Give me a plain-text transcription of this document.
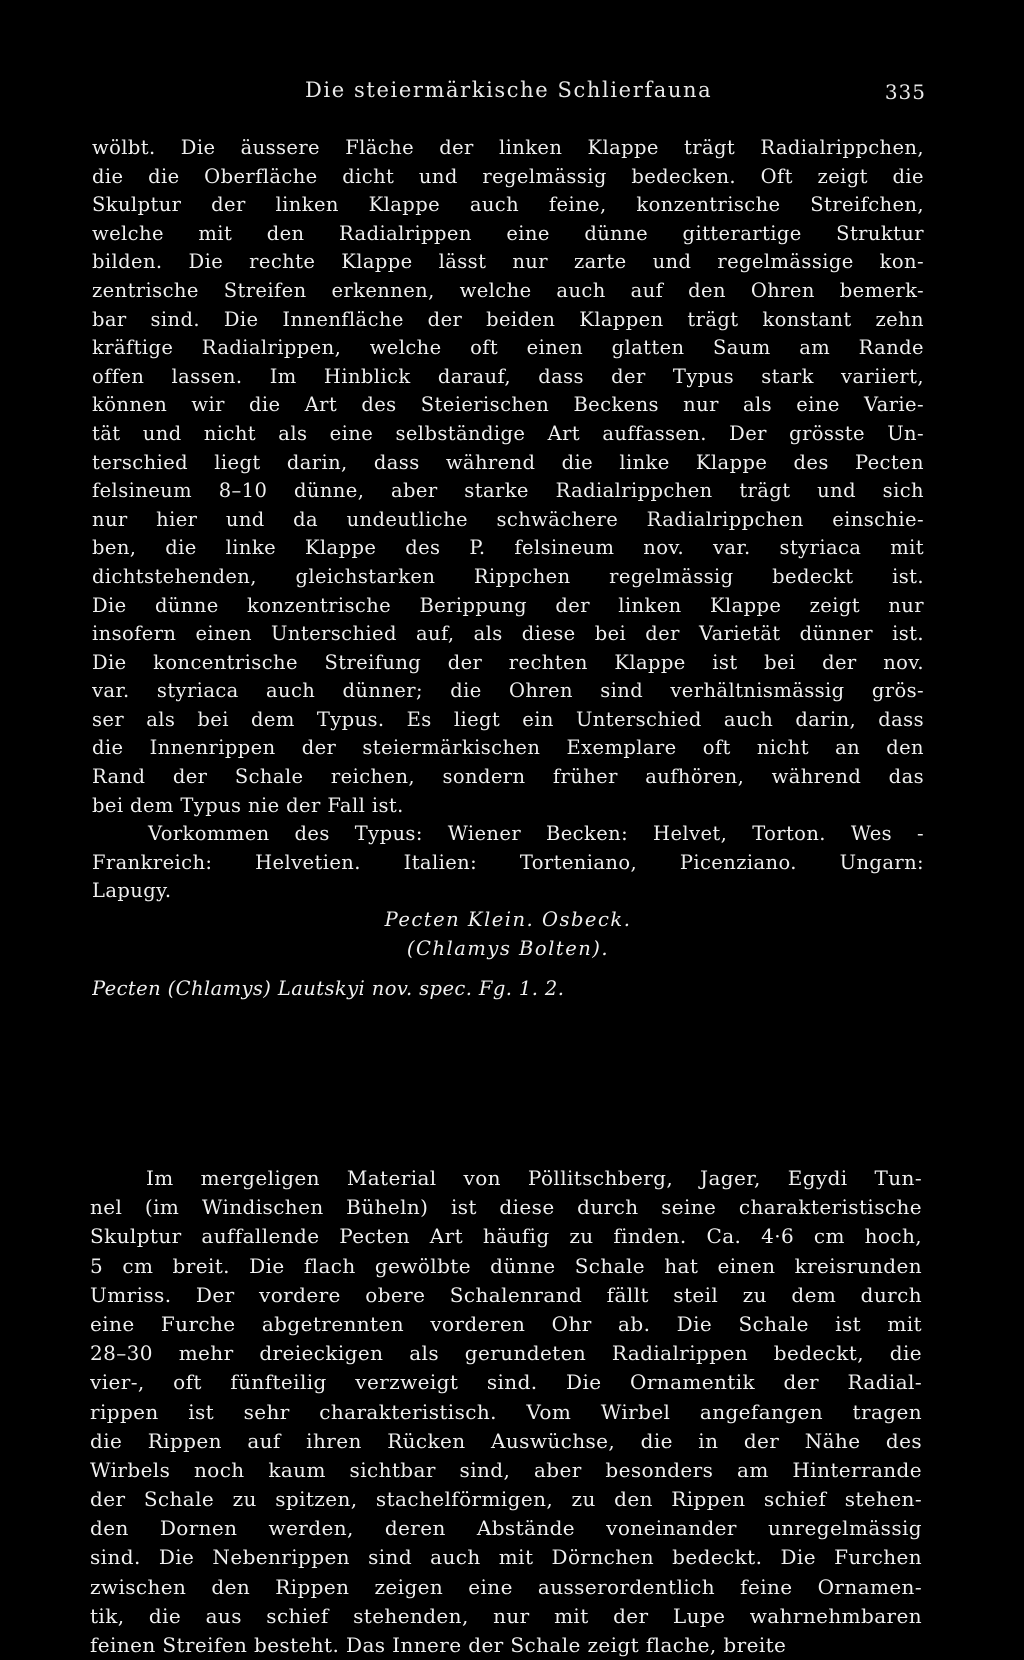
Die steiermärkische Schlierfauna	335
wölbt. Die äussere Fläche der linken Klappe trägt Radialrippchen,
die die Oberfläche dicht und regelmässig bedecken. Oft zeigt die
Skulptur der linken Klappe auch feine, konzentrische Streifchen,
welche mit den Radialrippen eine dünne gitterartige Struktur
bilden. Die rechte Klappe lässt nur zarte und regelmässige kon-
zentrische Streifen erkennen, welche auch auf den Ohren bemerk-
bar sind. Die Innenfläche der beiden Klappen trägt konstant zehn
kräftige Radialrippen, welche oft einen glatten Saum am Rande
offen lassen. Im Hinblick darauf, dass der Typus stark variiert,
können wir die Art des Steierischen Beckens nur als eine Varie-
tät und nicht als eine selbständige Art auffassen. Der grösste Un-
terschied liegt darin, dass während die linke Klappe des Pecten
felsineum 8–10 dünne, aber starke Radialrippchen trägt und sich
nur hier und da undeutliche schwächere Radialrippchen einschie-
ben, die linke Klappe des P. felsineum nov. var. styriaca mit
dichtstehenden, gleichstarken Rippchen regelmässig bedeckt ist.
Die dünne konzentrische Berippung der linken Klappe zeigt nur
insofern einen Unterschied auf, als diese bei der Varietät dünner ist.
Die koncentrische Streifung der rechten Klappe ist bei der nov.
var. styriaca auch dünner; die Ohren sind verhältnismässig grös-
ser als bei dem Typus. Es liegt ein Unterschied auch darin, dass
die Innenrippen der steiermärkischen Exemplare oft nicht an den
Rand der Schale reichen, sondern früher aufhören, während das
bei dem Typus nie der Fall ist.
Vorkommen des Typus: Wiener Becken: Helvet, Torton. Wes -
Frankreich: Helvetien. Italien: Torteniano, Picenziano. Ungarn:
Lapugy.
Pecten Klein. Osbeck.
(Chlamys Bolten).
Pecten (Chlamys) Lautskyi nov. spec. Fg. 1. 2.
Im mergeligen Material von Pöllitschberg, Jager, Egydi Tun-
nel (im Windischen Büheln) ist diese durch seine charakteristische
Skulptur auffallende Pecten Art häufig zu finden. Ca. 4·6 cm hoch,
5 cm breit. Die flach gewölbte dünne Schale hat einen kreisrunden
Umriss. Der vordere obere Schalenrand fällt steil zu dem durch
eine Furche abgetrennten vorderen Ohr ab. Die Schale ist mit
28–30 mehr dreieckigen als gerundeten Radialrippen bedeckt, die
vier-, oft fünfteilig verzweigt sind. Die Ornamentik der Radial-
rippen ist sehr charakteristisch. Vom Wirbel angefangen tragen
die Rippen auf ihren Rücken Auswüchse, die in der Nähe des
Wirbels noch kaum sichtbar sind, aber besonders am Hinterrande
der Schale zu spitzen, stachelförmigen, zu den Rippen schief stehen-
den Dornen werden, deren Abstände voneinander unregelmässig
sind. Die Nebenrippen sind auch mit Dörnchen bedeckt. Die Furchen
zwischen den Rippen zeigen eine ausserordentlich feine Ornamen-
tik, die aus schief stehenden, nur mit der Lupe wahrnehmbaren
feinen Streifen besteht. Das Innere der Schale zeigt flache, breite
